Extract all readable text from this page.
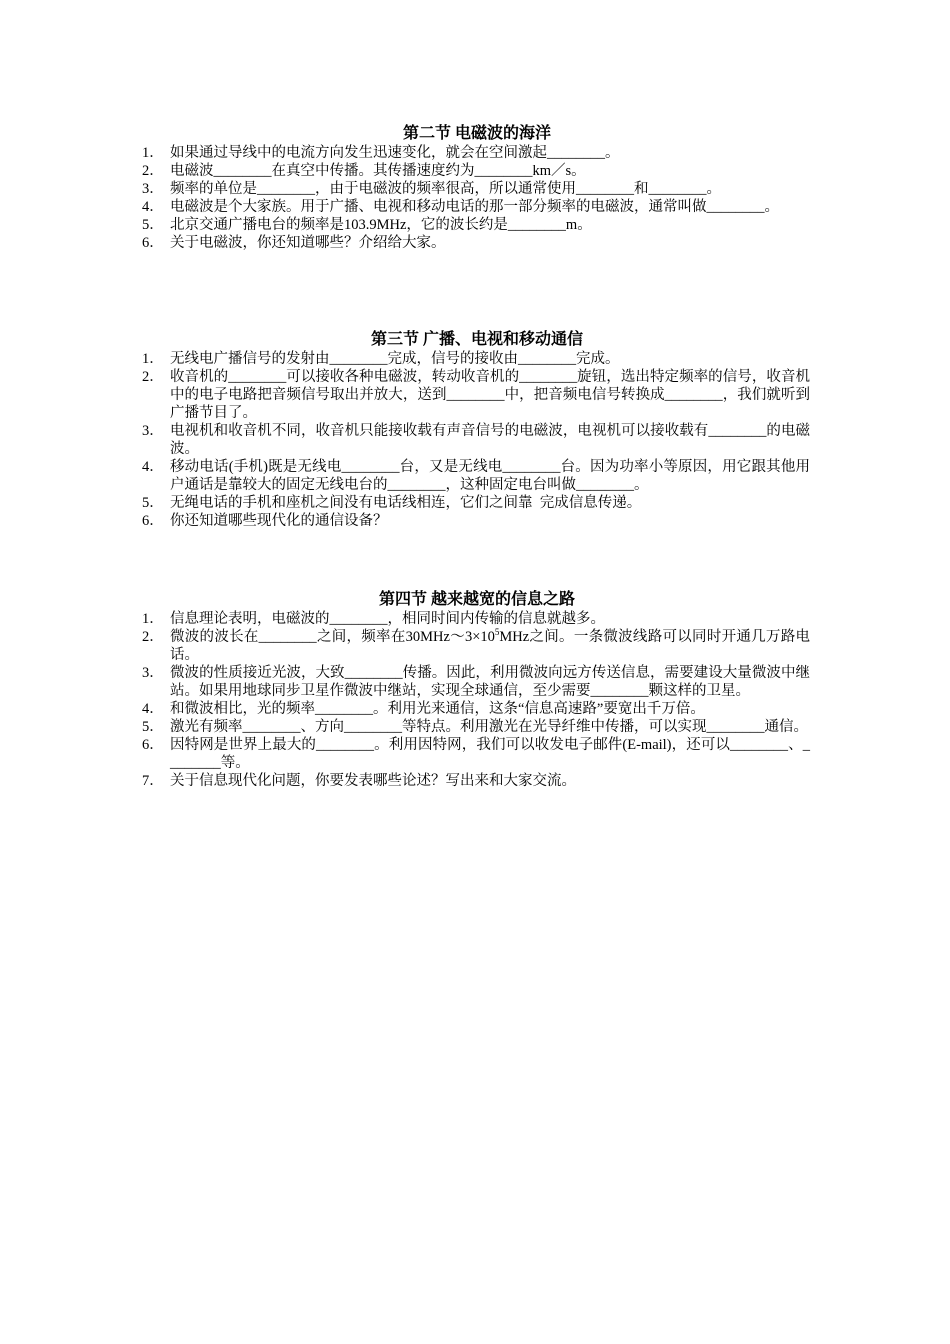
第二节 电磁波的海洋
1． 如果通过导线中的电流方向发生迅速变化，就会在空间激起________。
2． 电磁波________在真空中传播。其传播速度约为________km／s。
3． 频率的单位是________，由于电磁波的频率很高，所以通常使用________和________。
4． 电磁波是个大家族。用于广播、电视和移动电话的那一部分频率的电磁波，通常叫做________。
5． 北京交通广播电台的频率是103.9MHz，它的波长约是________m。
6． 关于电磁波，你还知道哪些？介绍给大家。
第三节 广播、电视和移动通信
1． 无线电广播信号的发射由________完成，信号的接收由________完成。
2． 收音机的________可以接收各种电磁波，转动收音机的________旋钮，选出特定频率的信号，收音机中的电子电路把音频信号取出并放大，送到________中，把音频电信号转换成________，我们就听到广播节目了。
3． 电视机和收音机不同，收音机只能接收载有声音信号的电磁波，电视机可以接收载有________的电磁波。
4． 移动电话(手机)既是无线电________台，又是无线电________台。因为功率小等原因，用它跟其他用户通话是靠较大的固定无线电台的________，这种固定电台叫做________。
5． 无绳电话的手机和座机之间没有电话线相连，它们之间靠  完成信息传递。
6． 你还知道哪些现代化的通信设备？
第四节 越来越宽的信息之路
1． 信息理论表明，电磁波的________，相同时间内传输的信息就越多。
2． 微波的波长在________之间，频率在$30MHz\sim 3\times 10^5MHz$之间。一条微波线路可以同时开通几万路电话。
3． 微波的性质接近光波，大致________传播。因此，利用微波向远方传送信息，需要建设大量微波中继站。如果用地球同步卫星作微波中继站，实现全球通信，至少需要________颗这样的卫星。
4． 和微波相比，光的频率________。利用光来通信，这条“信息高速路”要宽出千万倍。
5． 激光有频率________、方向________等特点。利用激光在光导纤维中传播，可以实现________通信。
6． 因特网是世界上最大的________。利用因特网，我们可以收发电子邮件(E-mail)，还可以________、________等。
7． 关于信息现代化问题，你要发表哪些论述？写出来和大家交流。
